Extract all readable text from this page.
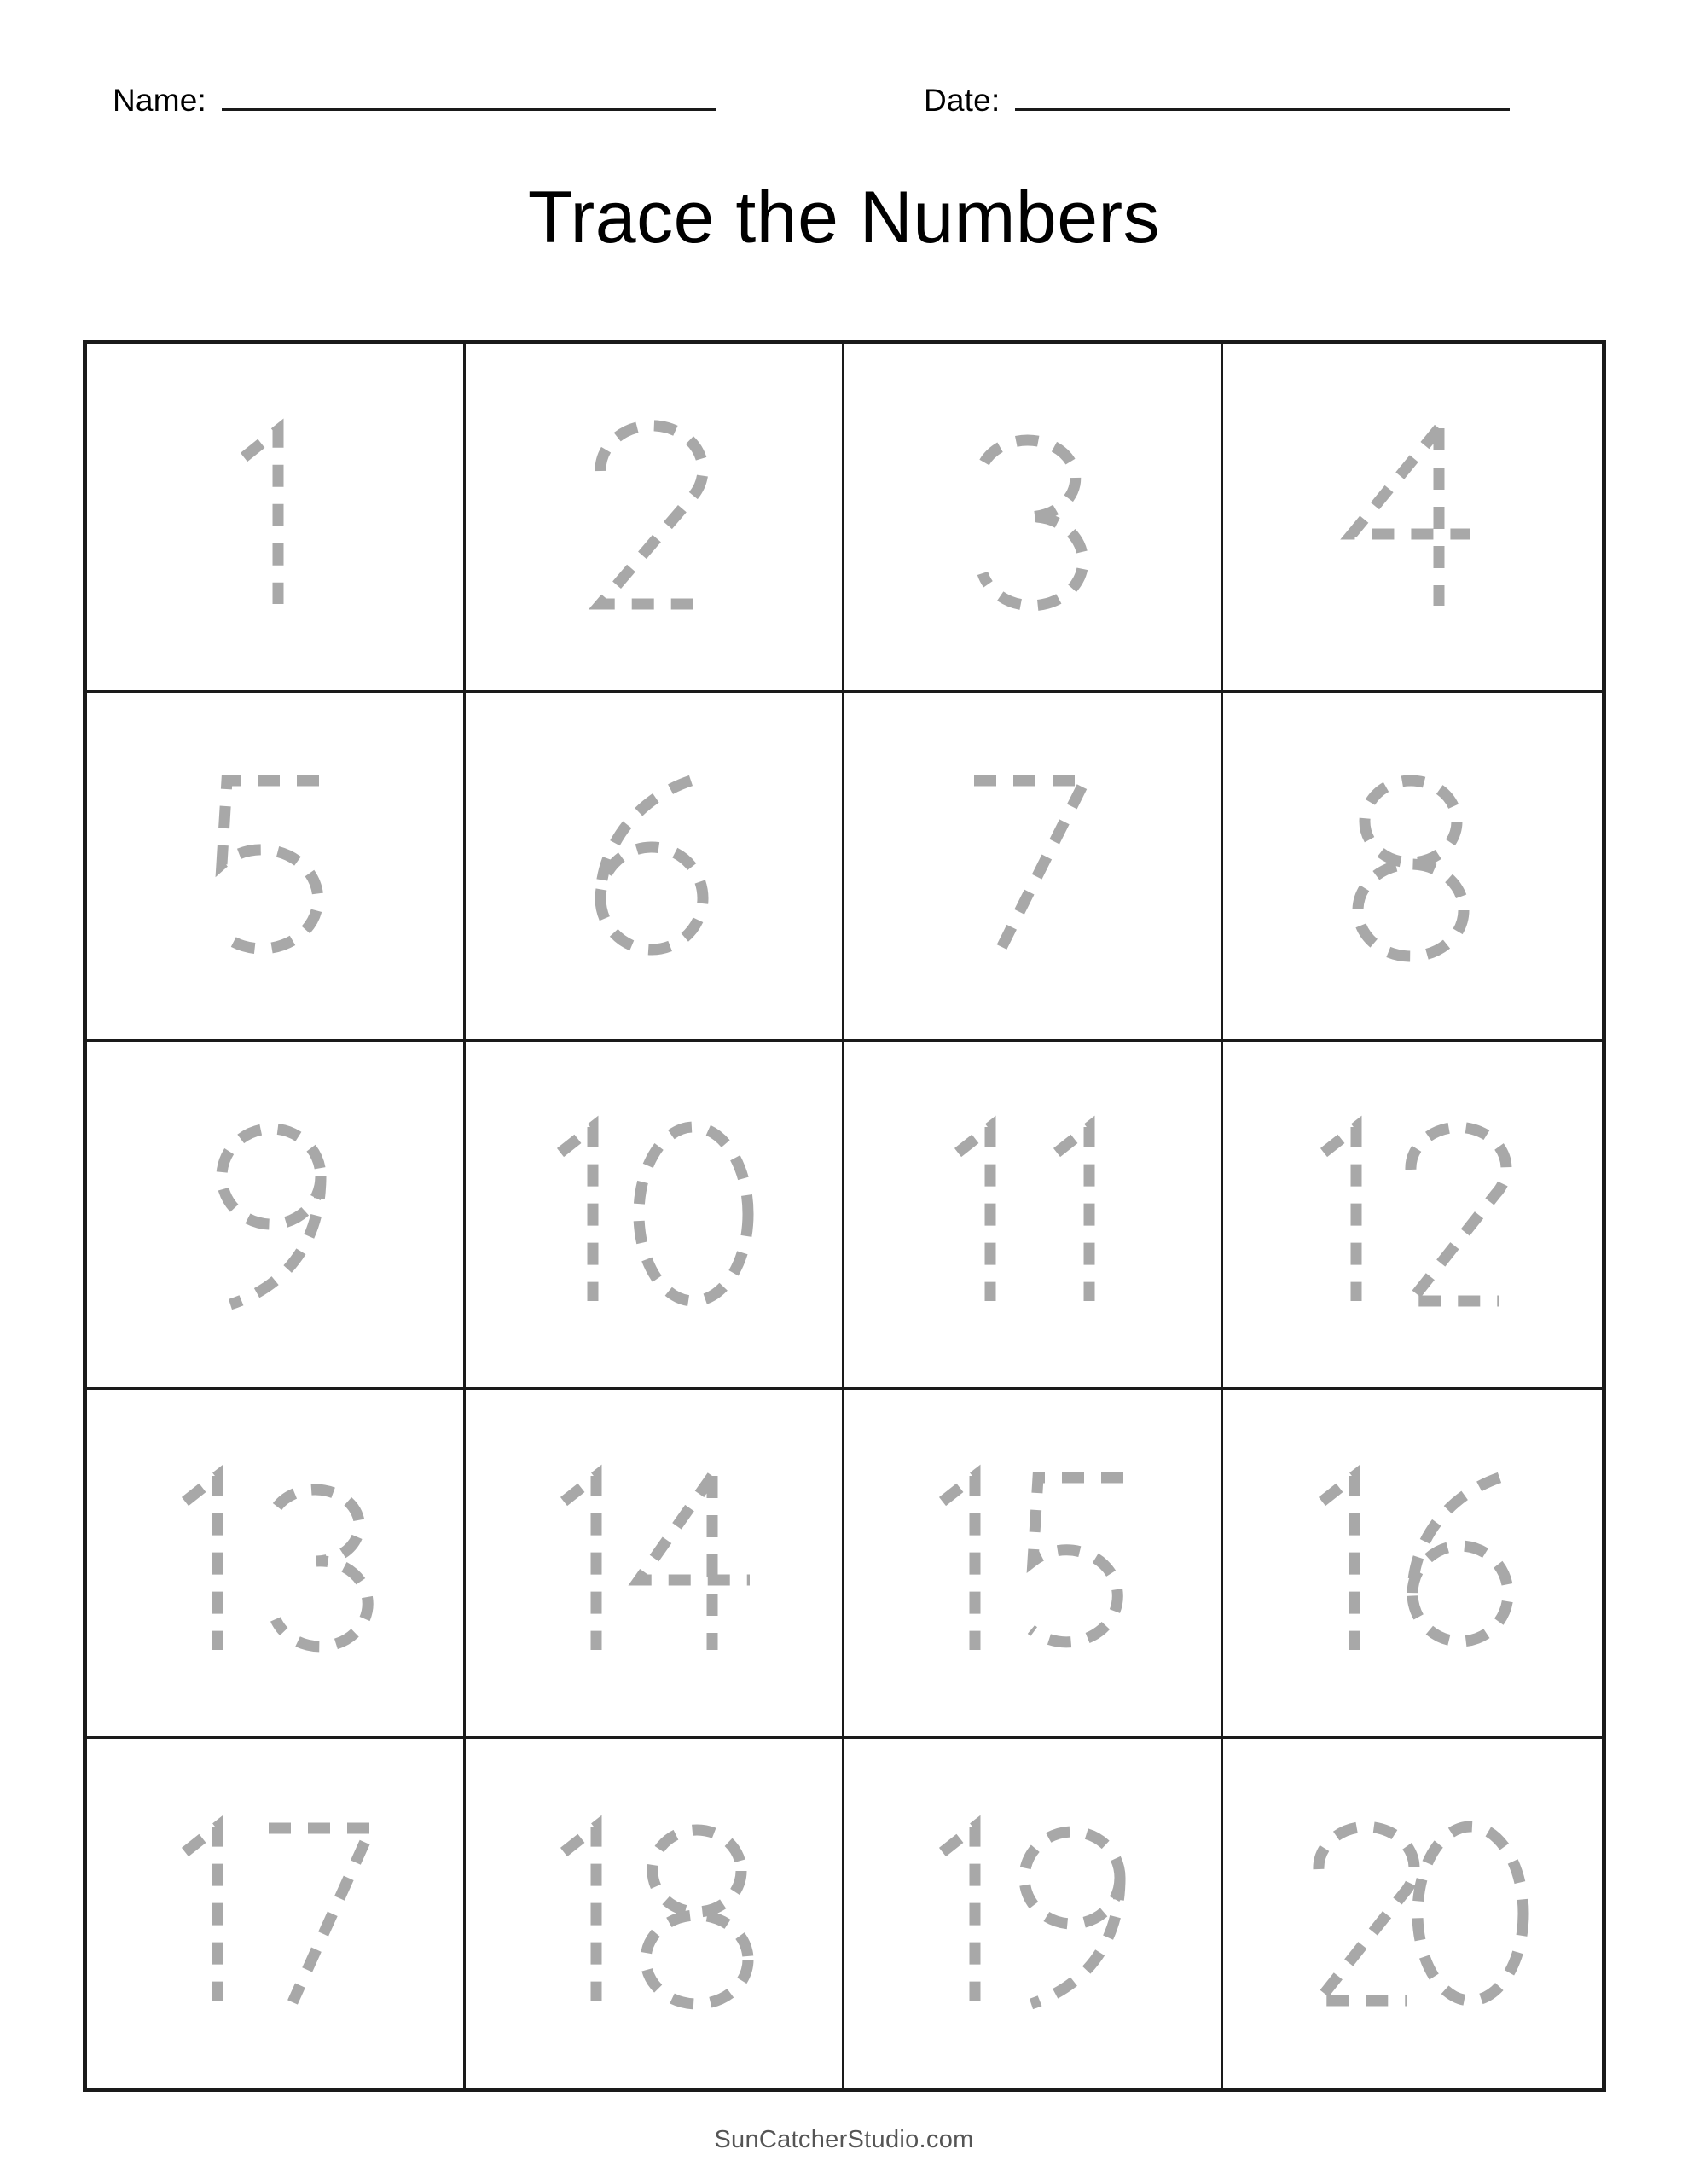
Name:	Date:
Trace the Numbers
SunCatcherStudio.com
